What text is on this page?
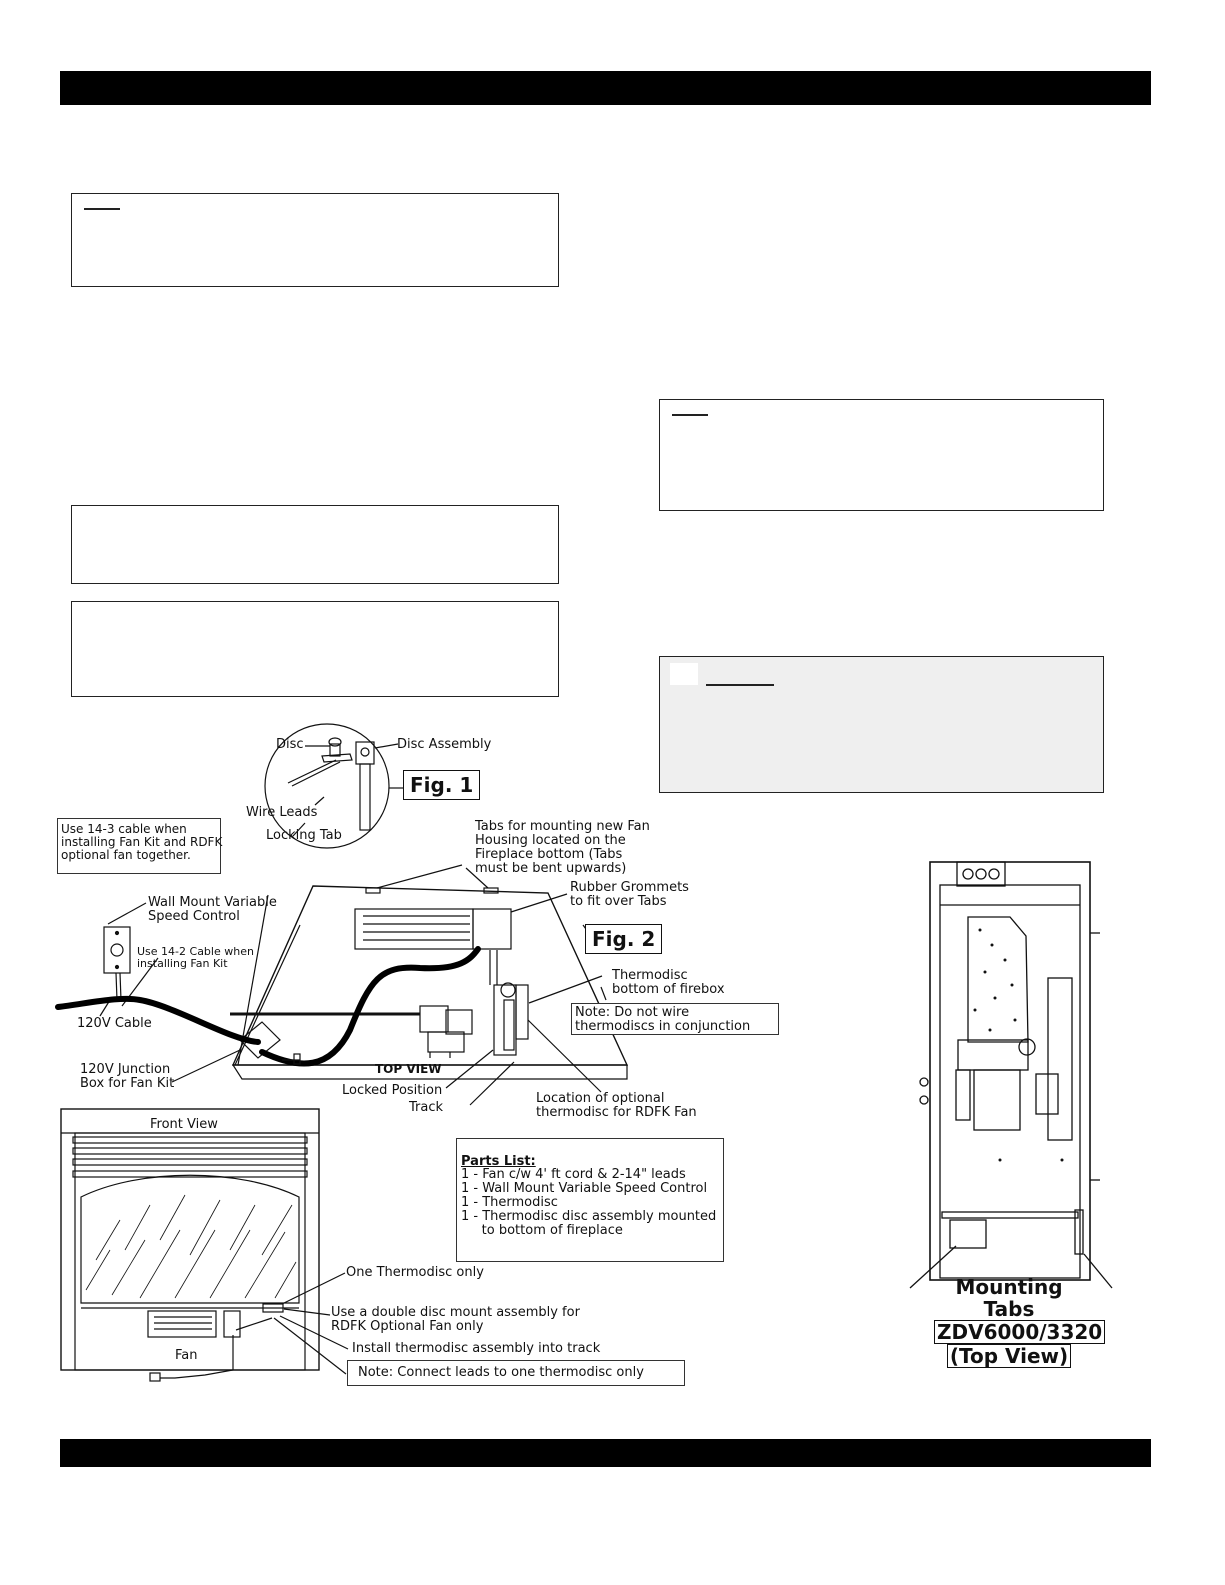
Disc	Disc Assembly
Wire Leads
Locking Tab
Fig. 1
Use 14-3 cable when
installing Fan Kit and RDFK
optional fan together.
Wall Mount Variable
Speed Control
Use 14-2 Cable when
installing Fan Kit
120V Cable
120V Junction
Box for Fan Kit
Tabs for mounting new Fan
Housing located on the
Fireplace bottom (Tabs
must be bent upwards)
Rubber Grommets
to fit over Tabs
Fig. 2
Thermodisc
bottom of firebox
Note: Do not wire
thermodiscs in conjunction
TOP VIEW
Locked Position
Track
Location of optional
thermodisc for RDFK Fan
Front View
One Thermodisc only
Use a double disc mount assembly for
RDFK Optional Fan only
Install thermodisc assembly into track
Fan
Note: Connect leads to one thermodisc only
Parts List:
1 - Fan c/w 4' ft cord & 2-14" leads
1 - Wall Mount Variable Speed Control
1 - Thermodisc
1 - Thermodisc disc assembly mounted
to bottom of fireplace
Mounting Tabs
ZDV6000/3320
(Top View)
